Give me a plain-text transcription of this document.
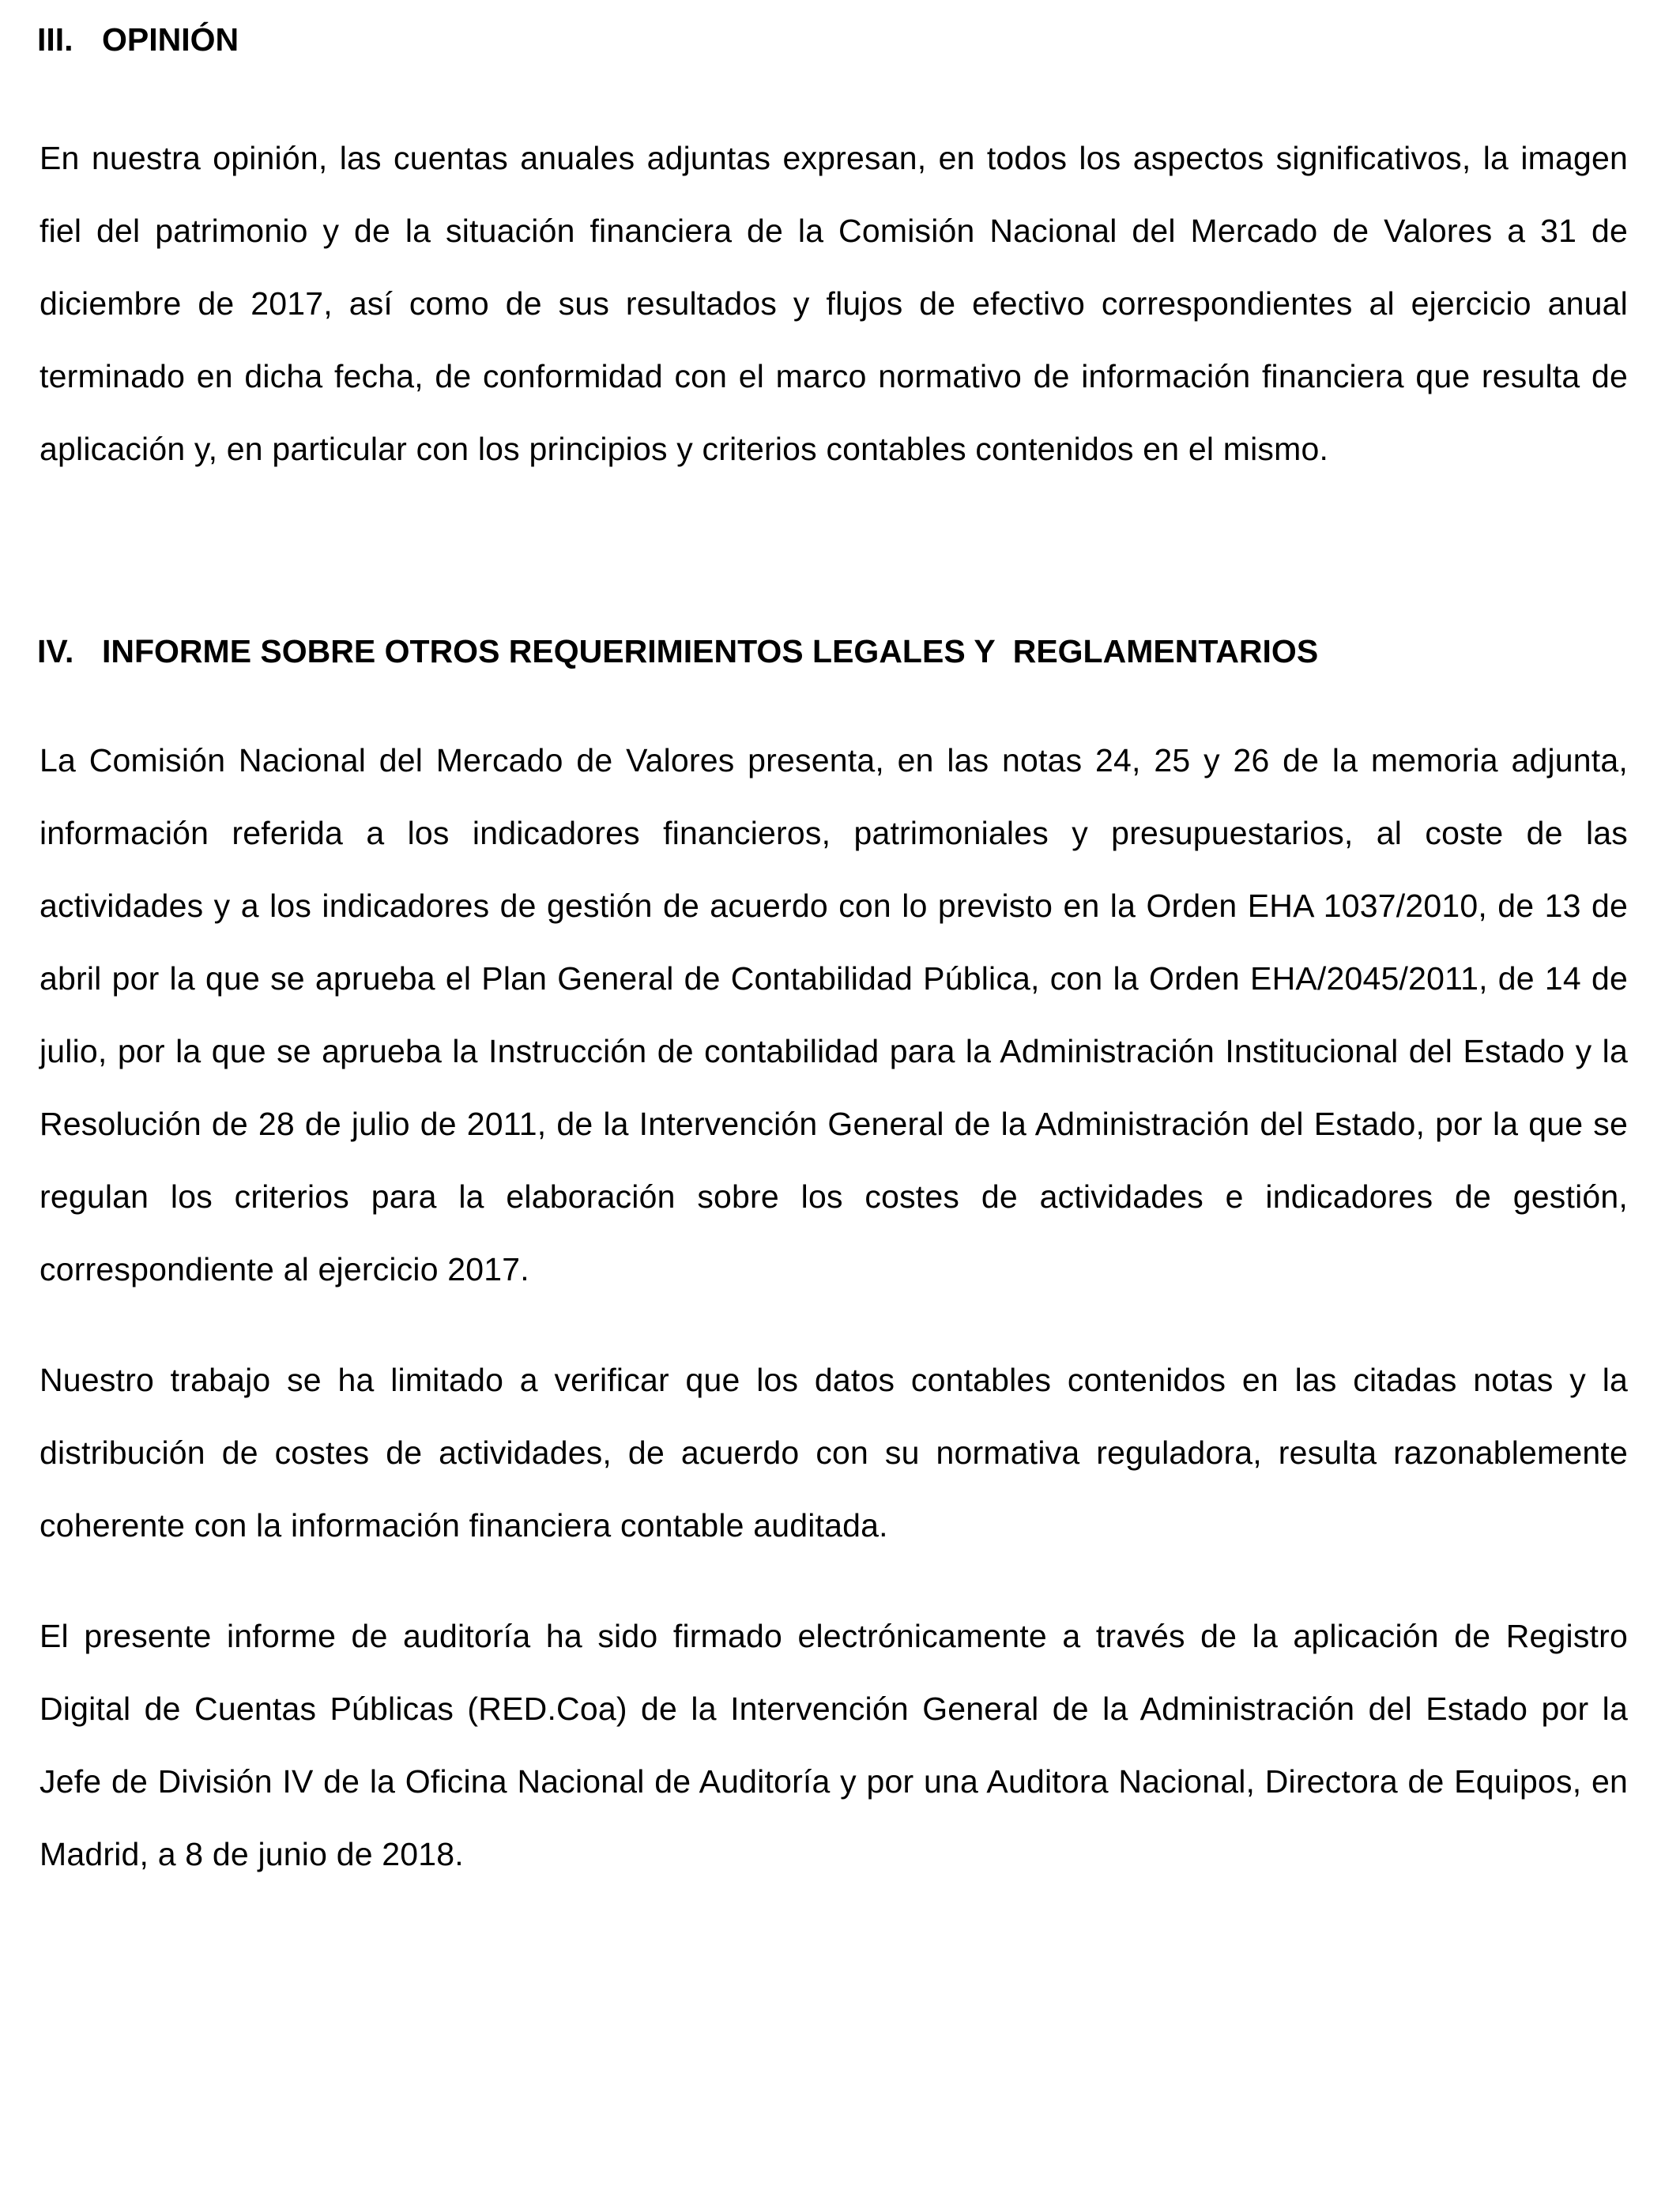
III. OPINIÓN

En nuestra opinión, las cuentas anuales adjuntas expresan, en todos los aspectos significativos, la imagen fiel del patrimonio y de la situación financiera de la Comisión Nacional del Mercado de Valores a 31 de diciembre de 2017, así como de sus resultados y flujos de efectivo correspondientes al ejercicio anual terminado en dicha fecha, de conformidad con el marco normativo de información financiera que resulta de aplicación y, en particular con los principios y criterios contables contenidos en el mismo.

IV. INFORME SOBRE OTROS REQUERIMIENTOS LEGALES Y  REGLAMENTARIOS

La Comisión Nacional del Mercado de Valores presenta, en las notas 24, 25 y 26 de la memoria adjunta, información referida a los indicadores financieros, patrimoniales y presupuestarios, al coste de las actividades y a los indicadores de gestión de acuerdo con lo previsto en la Orden EHA 1037/2010, de 13 de abril por la que se aprueba el Plan General de Contabilidad Pública, con la Orden EHA/2045/2011, de 14 de julio, por la que se aprueba la Instrucción de contabilidad para la Administración Institucional del Estado y la Resolución de 28 de julio de 2011, de la Intervención General de la Administración del Estado, por la que se regulan los criterios para la elaboración sobre los costes de actividades e indicadores de gestión, correspondiente al ejercicio 2017.

Nuestro trabajo se ha limitado a verificar que los datos contables contenidos en las citadas notas y la distribución de costes de actividades, de acuerdo con su normativa reguladora, resulta razonablemente coherente con la información financiera contable auditada.

El presente informe de auditoría ha sido firmado electrónicamente a través de la aplicación de Registro Digital de Cuentas Públicas (RED.Coa) de la Intervención General de la Administración del Estado por la Jefe de División IV de la Oficina Nacional de Auditoría y por una Auditora Nacional, Directora de Equipos, en Madrid, a 8 de junio de 2018.
